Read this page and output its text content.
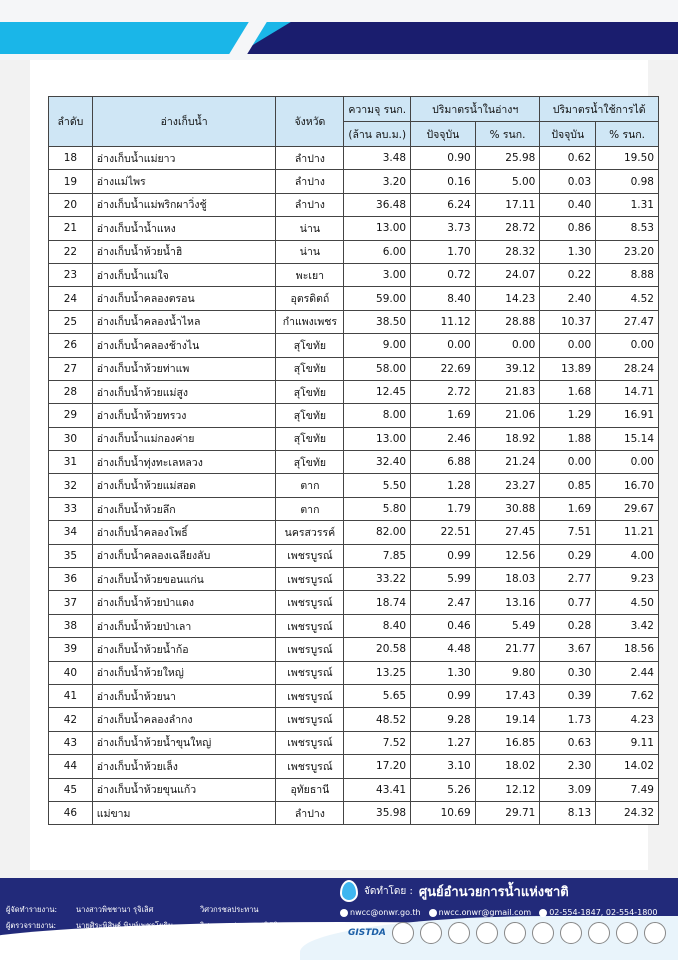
ลำดับ	อ่างเก็บน้ำ	จังหวัด	ความจุ รนก.	ปริมาตรน้ำในอ่างฯ		ปริมาตรน้ำใช้การได้	
			(ล้าน ลบ.ม.)	ปัจจุบัน	% รนก.	ปัจจุบัน	% รนก.
18	อ่างเก็บน้ำแม่ยาว	ลำปาง	3.48	0.90	25.98	0.62	19.50
19	อ่างแม่ไพร	ลำปาง	3.20	0.16	5.00	0.03	0.98
20	อ่างเก็บน้ำแม่พริกผาวิ่งชู้	ลำปาง	36.48	6.24	17.11	0.40	1.31
21	อ่างเก็บน้ำน้ำแหง	น่าน	13.00	3.73	28.72	0.86	8.53
22	อ่างเก็บน้ำห้วยน้ำฮิ	น่าน	6.00	1.70	28.32	1.30	23.20
23	อ่างเก็บน้ำแม่ใจ	พะเยา	3.00	0.72	24.07	0.22	8.88
24	อ่างเก็บน้ำคลองตรอน	อุตรดิตถ์	59.00	8.40	14.23	2.40	4.52
25	อ่างเก็บน้ำคลองน้ำไหล	กำแพงเพชร	38.50	11.12	28.88	10.37	27.47
26	อ่างเก็บน้ำคลองช้างไน	สุโขทัย	9.00	0.00	0.00	0.00	0.00
27	อ่างเก็บน้ำห้วยท่าแพ	สุโขทัย	58.00	22.69	39.12	13.89	28.24
28	อ่างเก็บน้ำห้วยแม่สูง	สุโขทัย	12.45	2.72	21.83	1.68	14.71
29	อ่างเก็บน้ำห้วยทรวง	สุโขทัย	8.00	1.69	21.06	1.29	16.91
30	อ่างเก็บน้ำแม่กองค่าย	สุโขทัย	13.00	2.46	18.92	1.88	15.14
31	อ่างเก็บน้ำทุ่งทะเลหลวง	สุโขทัย	32.40	6.88	21.24	0.00	0.00
32	อ่างเก็บน้ำห้วยแม่สอด	ตาก	5.50	1.28	23.27	0.85	16.70
33	อ่างเก็บน้ำห้วยลึก	ตาก	5.80	1.79	30.88	1.69	29.67
34	อ่างเก็บน้ำคลองโพธิ์	นครสวรรค์	82.00	22.51	27.45	7.51	11.21
35	อ่างเก็บน้ำคลองเฉลียงลับ	เพชรบูรณ์	7.85	0.99	12.56	0.29	4.00
36	อ่างเก็บน้ำห้วยขอนแก่น	เพชรบูรณ์	33.22	5.99	18.03	2.77	9.23
37	อ่างเก็บน้ำห้วยป่าแดง	เพชรบูรณ์	18.74	2.47	13.16	0.77	4.50
38	อ่างเก็บน้ำห้วยป่าเลา	เพชรบูรณ์	8.40	0.46	5.49	0.28	3.42
39	อ่างเก็บน้ำห้วยน้ำก้อ	เพชรบูรณ์	20.58	4.48	21.77	3.67	18.56
40	อ่างเก็บน้ำห้วยใหญ่	เพชรบูรณ์	13.25	1.30	9.80	0.30	2.44
41	อ่างเก็บน้ำห้วยนา	เพชรบูรณ์	5.65	0.99	17.43	0.39	7.62
42	อ่างเก็บน้ำคลองลำกง	เพชรบูรณ์	48.52	9.28	19.14	1.73	4.23
43	อ่างเก็บน้ำห้วยน้ำขุนใหญ่	เพชรบูรณ์	7.52	1.27	16.85	0.63	9.11
44	อ่างเก็บน้ำห้วยเล็ง	เพชรบูรณ์	17.20	3.10	18.02	2.30	14.02
45	อ่างเก็บน้ำห้วยขุนแก้ว	อุทัยธานี	43.41	5.26	12.12	3.09	7.49
46	แม่ขาม	ลำปาง	35.98	10.69	29.71	8.13	24.32
ผู้จัดทำรายงาน:	นางสาวพิชชานา รุจิเลิศ	วิศวกรชลประทาน
ผู้ตรวจรายงาน:	นายศิระพิสิษฐ์ พิมพ์เพชรโยธิน	วิศวกรชลประทานปฏิบัติการ
จัดทำโดย : ศูนย์อำนวยการน้ำแห่งชาติ
nwcc@onwr.go.th	nwcc.onwr@gmail.com	02-554-1847, 02-554-1800
GISTDA
